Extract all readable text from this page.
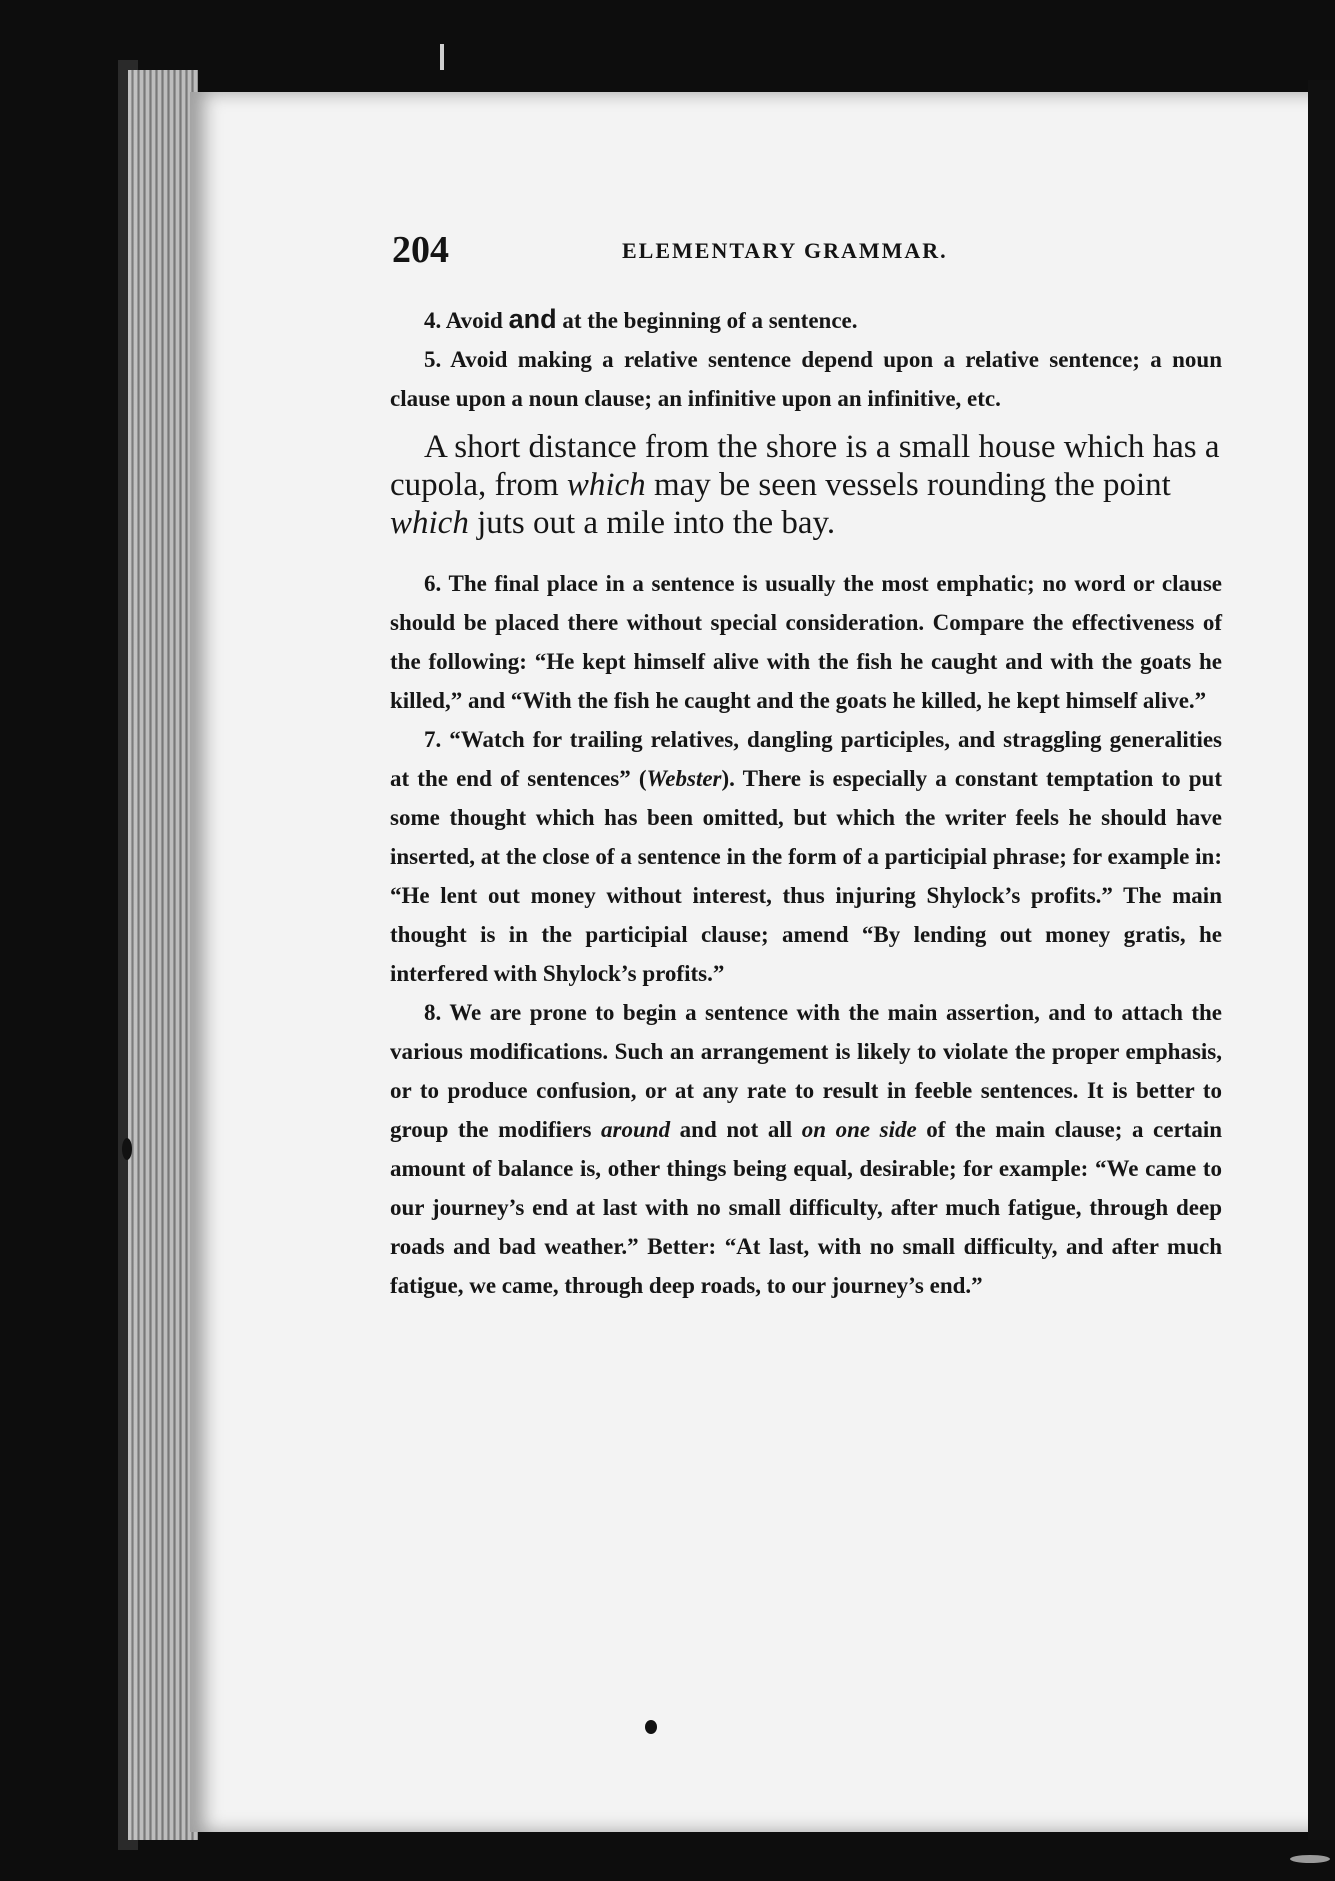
204	ELEMENTARY GRAMMAR.

4. Avoid and at the beginning of a sentence.

5. Avoid making a relative sentence depend upon a relative sentence; a noun clause upon a noun clause; an infinitive upon an infinitive, etc.

A short distance from the shore is a small house which has a cupola, from which may be seen vessels rounding the point which juts out a mile into the bay.

6. The final place in a sentence is usually the most emphatic; no word or clause should be placed there without special consideration. Compare the effectiveness of the following: “He kept himself alive with the fish he caught and with the goats he killed,” and “With the fish he caught and the goats he killed, he kept himself alive.”

7. “Watch for trailing relatives, dangling participles, and straggling generalities at the end of sentences” (Webster). There is especially a constant temptation to put some thought which has been omitted, but which the writer feels he should have inserted, at the close of a sentence in the form of a participial phrase; for example in: “He lent out money without interest, thus injuring Shylock’s profits.” The main thought is in the participial clause; amend “By lending out money gratis, he interfered with Shylock’s profits.”

8. We are prone to begin a sentence with the main assertion, and to attach the various modifications. Such an arrangement is likely to violate the proper emphasis, or to produce confusion, or at any rate to result in feeble sentences. It is better to group the modifiers around and not all on one side of the main clause; a certain amount of balance is, other things being equal, desirable; for example: “We came to our journey’s end at last with no small difficulty, after much fatigue, through deep roads and bad weather.” Better: “At last, with no small difficulty, and after much fatigue, we came, through deep roads, to our journey’s end.”
